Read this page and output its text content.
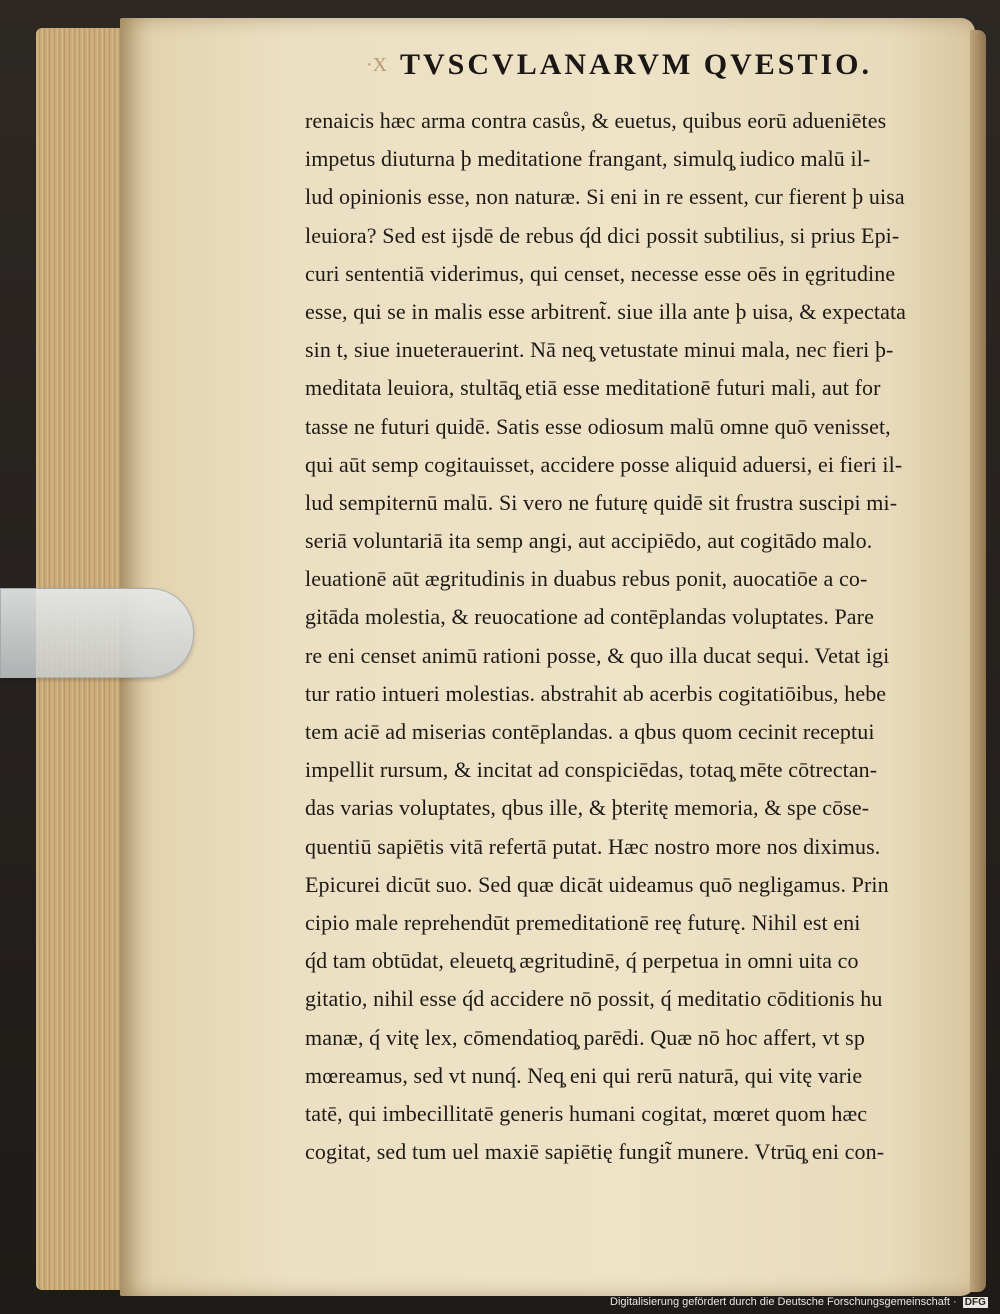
·X TVSCVLANARVM QVESTIO.
renaicis hæc arma contra casůs, & euetus, quibus eorū adueniētes
impetus diuturna þ meditatione frangant, simulq̧ iudico malū il-
lud opinionis esse, non naturæ. Si eni in re essent, cur fierent þ uisa
leuiora? Sed est ijsdē de rebus q́d dici possit subtilius, si prius Epi-
curi sententiā viderimus, qui censet, necesse esse oēs in ęgritudine
esse, qui se in malis esse arbitrent̃. siue illa ante þ uisa, & expectata
sin t, siue inueterauerint. Nā neq̧ vetustate minui mala, nec fieri þ-
meditata leuiora, stultāq̧ etiā esse meditationē futuri mali, aut for
tasse ne futuri quidē. Satis esse odiosum malū omne quō venisset,
qui aūt semp cogitauisset, accidere posse aliquid aduersi, ei fieri il-
lud sempiternū malū. Si vero ne futurę quidē sit frustra suscipi mi-
seriā voluntariā ita semp angi, aut accipiēdo, aut cogitādo malo.
leuationē aūt ægritudinis in duabus rebus ponit, auocatiōe a co-
gitāda molestia, & reuocatione ad contēplandas voluptates. Pare
re eni censet animū rationi posse, & quo illa ducat sequi. Vetat igi
tur ratio intueri molestias. abstrahit ab acerbis cogitatiōibus, hebe
tem aciē ad miserias contēplandas. a qbus quom cecinit receptui
impellit rursum, & incitat ad conspiciēdas, totaq̧ mēte cōtrectan-
das varias voluptates, qbus ille, & þteritę memoria, & spe cōse-
quentiū sapiētis vitā refertā putat. Hæc nostro more nos diximus.
Epicurei dicūt suo. Sed quæ dicāt uideamus quō negligamus. Prin
cipio male reprehendūt premeditationē reę futurę. Nihil est eni
q́d tam obtūdat, eleuetq̧ ægritudinē, q́ perpetua in omni uita co
gitatio, nihil esse q́d accidere nō possit, q́ meditatio cōditionis hu
manæ, q́ vitę lex, cōmendatioq̧ parēdi. Quæ nō hoc affert, vt sp
mœreamus, sed vt nunq́. Neq̧ eni qui rerū naturā, qui vitę varie
tatē, qui imbecillitatē generis humani cogitat, mœret quom hæc
cogitat, sed tum uel maxiē sapiētię fungit̃ munere. Vtrūq̧ eni con-
Digitalisierung gefördert durch die Deutsche Forschungsgemeinschaft · DFG
